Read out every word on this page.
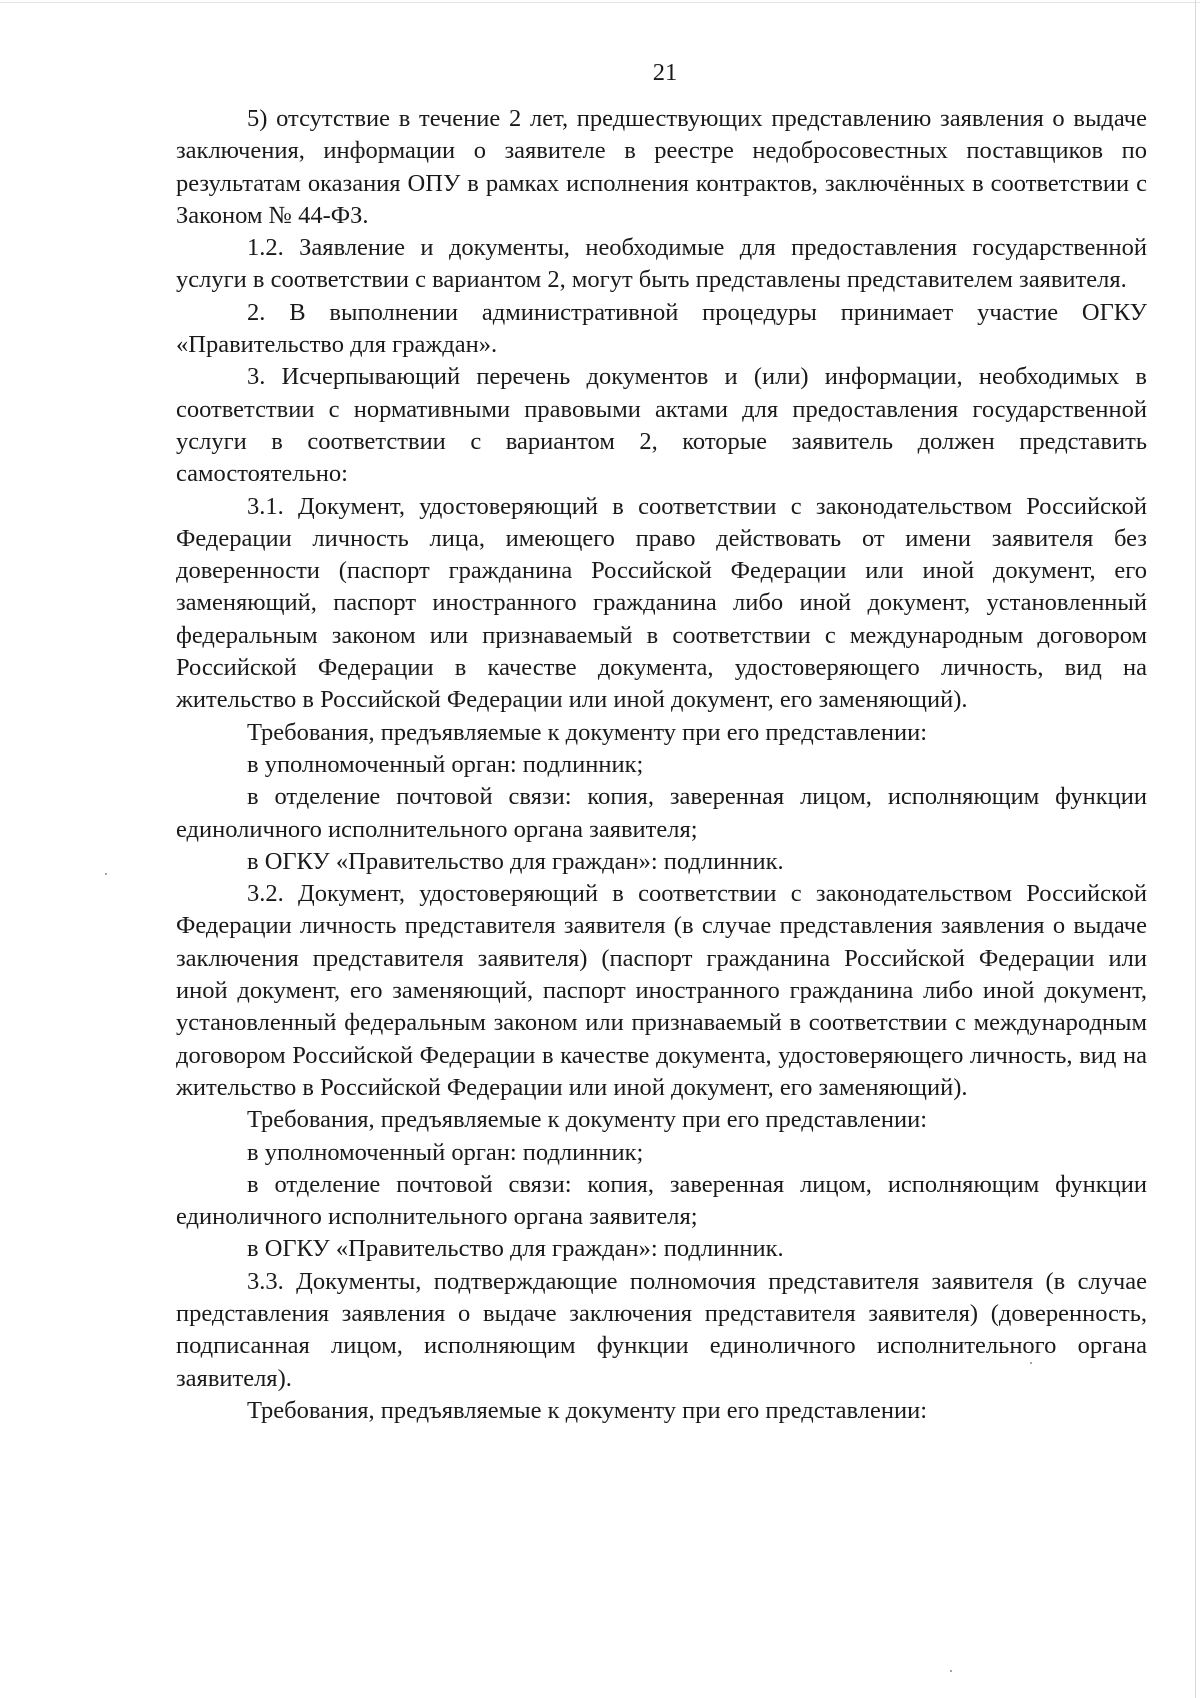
21

5) отсутствие в течение 2 лет, предшествующих представлению заявления о выдаче заключения, информации о заявителе в реестре недобросовестных поставщиков по результатам оказания ОПУ в рамках исполнения контрактов, заключённых в соответствии с Законом № 44-ФЗ.

1.2. Заявление и документы, необходимые для предоставления государственной услуги в соответствии с вариантом 2, могут быть представлены представителем заявителя.

2. В выполнении административной процедуры принимает участие ОГКУ «Правительство для граждан».

3. Исчерпывающий перечень документов и (или) информации, необходимых в соответствии с нормативными правовыми актами для предоставления государственной услуги в соответствии с вариантом 2, которые заявитель должен представить самостоятельно:

3.1. Документ, удостоверяющий в соответствии с законодательством Российской Федерации личность лица, имеющего право действовать от имени заявителя без доверенности (паспорт гражданина Российской Федерации или иной документ, его заменяющий, паспорт иностранного гражданина либо иной документ, установленный федеральным законом или признаваемый в соответствии с международным договором Российской Федерации в качестве документа, удостоверяющего личность, вид на жительство в Российской Федерации или иной документ, его заменяющий).

Требования, предъявляемые к документу при его представлении:

в уполномоченный орган: подлинник;

в отделение почтовой связи: копия, заверенная лицом, исполняющим функции единоличного исполнительного органа заявителя;

в ОГКУ «Правительство для граждан»: подлинник.

3.2. Документ, удостоверяющий в соответствии с законодательством Российской Федерации личность представителя заявителя (в случае представления заявления о выдаче заключения представителя заявителя) (паспорт гражданина Российской Федерации или иной документ, его заменяющий, паспорт иностранного гражданина либо иной документ, установленный федеральным законом или признаваемый в соответствии с международным договором Российской Федерации в качестве документа, удостоверяющего личность, вид на жительство в Российской Федерации или иной документ, его заменяющий).

Требования, предъявляемые к документу при его представлении:

в уполномоченный орган: подлинник;

в отделение почтовой связи: копия, заверенная лицом, исполняющим функции единоличного исполнительного органа заявителя;

в ОГКУ «Правительство для граждан»: подлинник.

3.3. Документы, подтверждающие полномочия представителя заявителя (в случае представления заявления о выдаче заключения представителя заявителя) (доверенность, подписанная лицом, исполняющим функции единоличного исполнительного органа заявителя).

Требования, предъявляемые к документу при его представлении:
